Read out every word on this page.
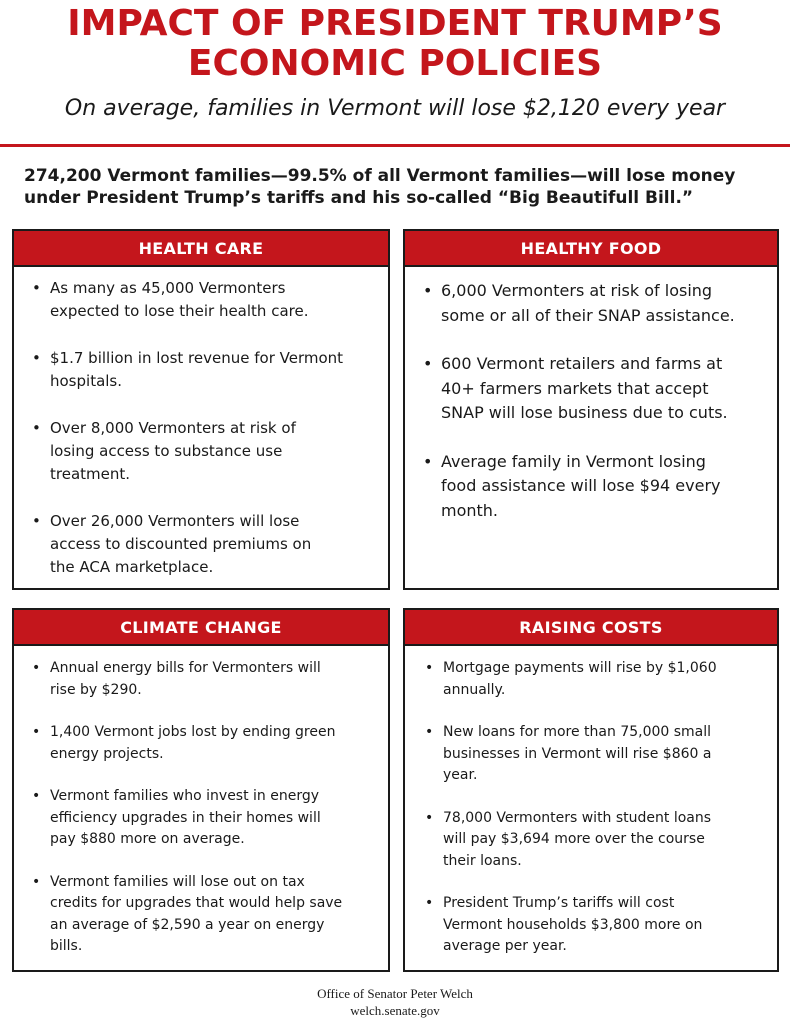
IMPACT OF PRESIDENT TRUMP’S
ECONOMIC POLICIES
On average, families in Vermont will lose $2,120 every year
274,200 Vermont families—99.5% of all Vermont families—will lose money
under President Trump’s tariffs and his so-called “Big Beautifull Bill.”
HEALTH CARE
• As many as 45,000 Vermonters
expected to lose their health care.
• $1.7 billion in lost revenue for Vermont
hospitals.
• Over 8,000 Vermonters at risk of
losing access to substance use
treatment.
• Over 26,000 Vermonters will lose
access to discounted premiums on
the ACA marketplace.
HEALTHY FOOD
• 6,000 Vermonters at risk of losing
some or all of their SNAP assistance.
• 600 Vermont retailers and farms at
40+ farmers markets that accept
SNAP will lose business due to cuts.
• Average family in Vermont losing
food assistance will lose $94 every
month.
CLIMATE CHANGE
• Annual energy bills for Vermonters will
rise by $290.
• 1,400 Vermont jobs lost by ending green
energy projects.
• Vermont families who invest in energy
efficiency upgrades in their homes will
pay $880 more on average.
• Vermont families will lose out on tax
credits for upgrades that would help save
an average of $2,590 a year on energy
bills.
RAISING COSTS
• Mortgage payments will rise by $1,060
annually.
• New loans for more than 75,000 small
businesses in Vermont will rise $860 a
year.
• 78,000 Vermonters with student loans
will pay $3,694 more over the course
their loans.
• President Trump’s tariffs will cost
Vermont households $3,800 more on
average per year.
Office of Senator Peter Welch
welch.senate.gov
